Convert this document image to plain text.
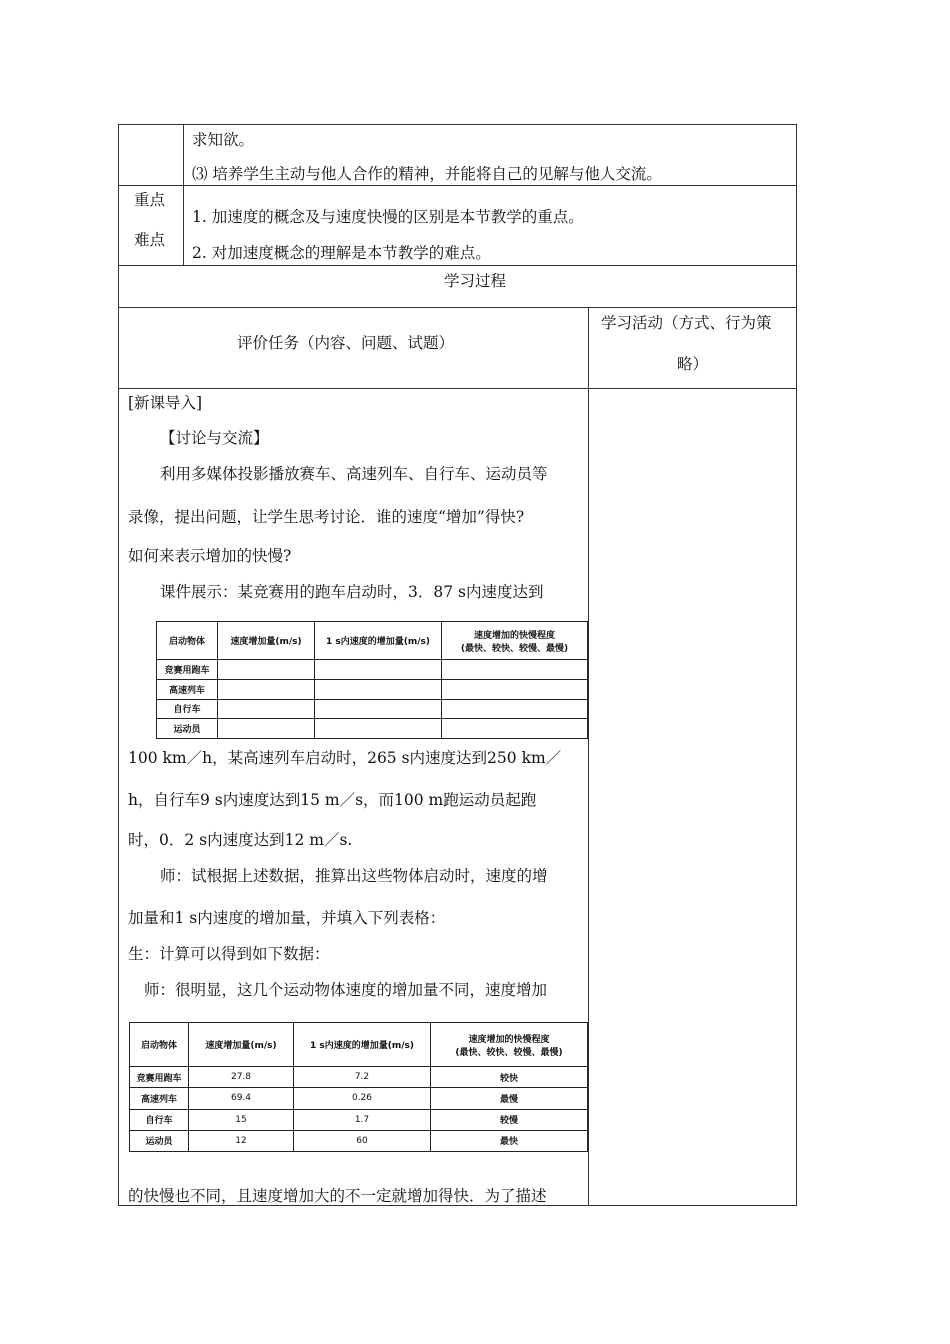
求知欲。
⑶ 培养学生主动与他人合作的精神，并能将自己的见解与他人交流。
重点
难点
1. 加速度的概念及与速度快慢的区别是本节教学的重点。
2. 对加速度概念的理解是本节教学的难点。
学习过程
评价任务（内容、问题、试题）
学习活动（方式、行为策
略）
[新课导入]
【讨论与交流】
利用多媒体投影播放赛车、高速列车、自行车、运动员等
录像，提出问题，让学生思考讨论．谁的速度“增加”得快?
如何来表示增加的快慢?
课件展示：某竞赛用的跑车启动时，3．87 s内速度达到
启动物体	速度增加量(m/s)	1 s内速度的增加量(m/s)	速度增加的快慢程度
(最快、较快、较慢、最慢)
竞赛用跑车			
高速列车			
自行车			
运动员			
100 km／h，某高速列车启动时，265 s内速度达到250 km／
h，自行车9 s内速度达到15 m／s，而100 m跑运动员起跑
时，0．2 s内速度达到12 m／s.
师：试根据上述数据，推算出这些物体启动时，速度的增
加量和1 s内速度的增加量，并填入下列表格：
生：计算可以得到如下数据：
师：很明显，这几个运动物体速度的增加量不同，速度增加
启动物体	速度增加量(m/s)	1 s内速度的增加量(m/s)	速度增加的快慢程度
(最快、较快、较慢、最慢)
竞赛用跑车	27.8	7.2	较快
高速列车	69.4	0.26	最慢
自行车	15	1.7	较慢
运动员	12	60	最快
的快慢也不同，且速度增加大的不一定就增加得快．为了描述
